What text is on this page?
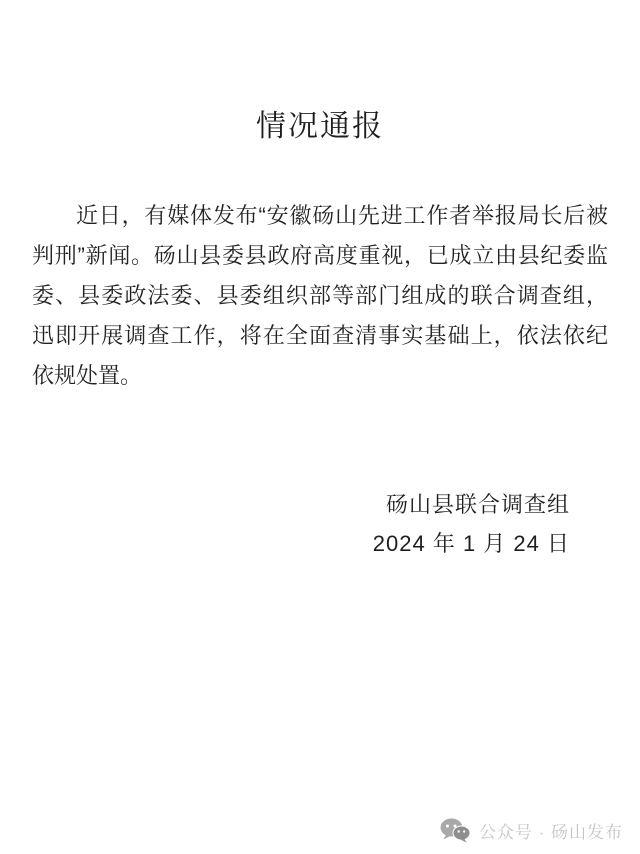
情况通报
近日，有媒体发布“安徽砀山先进工作者举报局长后被
判刑”新闻。砀山县委县政府高度重视，已成立由县纪委监
委、县委政法委、县委组织部等部门组成的联合调查组，
迅即开展调查工作，将在全面查清事实基础上，依法依纪
依规处置。
砀山县联合调查组
2024 年 1 月 24 日
公众号 · 砀山发布
